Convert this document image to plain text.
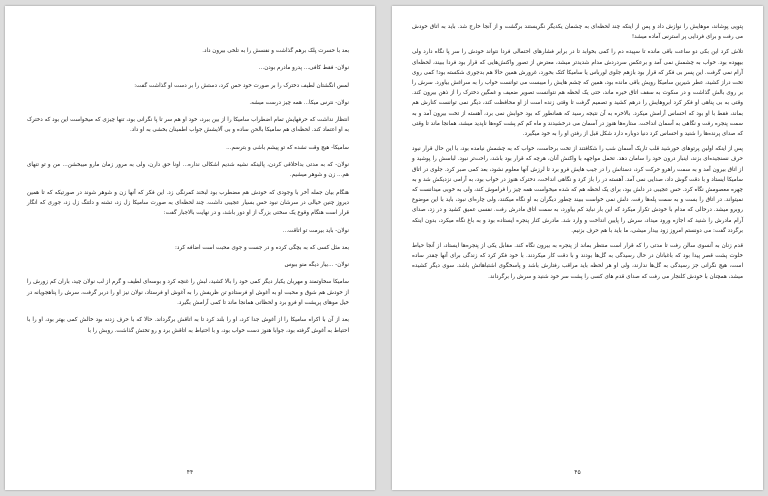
بعد با حسرت پلک برهم گذاشت و نفسش را به تلخی بیرون داد.

نولان- فقط کافی... پدرو مادرم بودن...

لمس انگشتان لطیف دخترک را بر صورت خود حس کرد، دستش را بر دست او گذاشت گفت:

نولان- نترس میکا... همه چیز درست میشه.

انتظار نداشت که حرفهایش تمام اضطراب سامیکا را از بین ببرد، خود او هم سر تا پا نگرانی بود، تنها چیزی که میخواست این بود که دخترک به او اعتماد کند. لحظه‌ای هم سامیکا بالحن ساده و بی آلایشش جواب اطمینان بخشی به او داد.

سامیکا- هیچ وقت نشده که تو پیشم باشی و بترسم...

نولان- که به مدتی بداخلاقی کردن، پالینکه نشیه شدیم اشکالی نداره... اونا حق دارن، ولی به مرور زمان مارو میبخشن... من و تو تنهای هم... زن و شوهر میشیم.

هنگام بیان جمله آخر با وجودی که خودش هم مضطرب بود لبخند کمرنگی زد. این فکر که آنها زن و شوهر شوند در صورتیکه که تا همین دیروز چنین خیالی در سرشان نبود حس بسیار عجیبی داشت. چند لحظه‌ای به صورت سامیکا زل زد، تشنه و دلتنگ زل زد، جوری که انگار قرار است هنگام وقوع یک سختی بزرگ از او دور باشد، و در نهایت بالاجبار گفت:

نولان- باید بیرمت تو اتاقت...

بعد مثل کسی که به بچگی کرده و در جست و جوی محبت است اضافه کرد:

نولان- ...بیار دیگه منو ببوس

سامیکا سخاوتمند و مهربان یکبار دیگر کمی خود را بالا کشید، لبش را غنچه کرد و بوسه‌ای لطیف و گرم از لب نولان چید، باران کم زورش را از خودش هم شوق و محبت او به آغوش او فرستادو تن ظریفش را به آغوش او فرستاد، نولان نیز او را دربر گرفت، سرش را پناهجویانه در خیل موهای پریشت او فرو برد و لحظاتی همانجا ماند تا کمی آرامش بگیرد.

بعد از آن با اکراه سامیکا را از آغوش جدا کرد، او را بلند کرد تا به اتاقش برگرداند. حالا که با حرف زدنه بود خالش کمی بهتر بود، او را با احتیاط به آغوش گرفته بود، جوابا هنوز دست خواب بود، و با احتیاط به اتاقش برد و رو تختش گذاشت. روبش را با

۴۴

پتویی پوشاند، موهایش را نوازش داد و پس از اینکه چند لحظه‌ای به چشمان یکدیگر نگریستند برگشت و از آنجا خارج شد. باید به اتاق خودش می رفت و برای فردایی پر استرس آماده میشد!

تلاش کرد این بکی دو ساعت باقی مانده تا سپیده دم را کمی بخوابد تا در برابر فشارهای احتمالی فردا نتواند خودش را سر پا نگاه دارد ولی بیهوده بود. خواب به چشمش نمی آمد و برعکس سردردش مدام شدیدتر میشد، معترض از تصور واکنش‌هایی که قرار بود فردا ببیند، لحظه‌ای آرام نمی گرفت. این پسر بی فکر که قرار بود بازهم جلوی لورباس یا سامیکا کتک بخورد، غرورش همین حالا هم بدجوری شکسته بود! کمی روی تخت دراز کشید، عطر شیرین سامیکا رویش باقی مانده بود، همین که چشم هایش را میبست می توانست خواب را به سراغش بیاورد. سرش را بر روی بالش گذاشت و در سکوت به سقف اتاق خیره ماند، حتی یک لحظه هم نتوانست تصویر ضعیف و غمگین دخترک را از ذهن بیرون کند. وقتی به بی پناهی او فکر کرد ابروهایش را درهم کشید و تصمیم گرفت تا وقتی زنده است از او محافظت کند، دیگر نمی توانست کنارش هم بماند، فقط با او بود که احساس آرامش میکرد. بالاخره به آن نتیجه رسید که همانطور که بود خوابش نمی برد، آهسته از تخت بیرون آمد و به سمت پنجره رفت و نگاهی به آسمان انداخت. ستاره‌ها هنوز در آسمان می درخشیدند و ماه کم کم پشت کوه‌ها ناپدید میشد، همانجا ماند تا وقتی که صدای پرنده‌ها را شنید و احساس کرد دنیا دوباره دارد شکل قبل از رفتن او را به خود میگیرد.

پس از اینکه اولین پرتوهای خورشید قلب تاریک آسمان شب را شکافتند از تخت برخاست، خواب که به چشمش نیامده بود، با این حال قرار نبود حرف نسنجیده‌ای بزند، اینبار درون خود را سامان دهد. تحمل مواجهه با واکنش آنان، هرچه که قرار بود باشد، راحت‌تر نبود. لباسش را پوشید و از اتاق بیرون آمد و به سمت راهرو حرکت کرد، دستانش را در جیب هایش فرو برد تا لرزش آنها معلوم نشود، بعد کمی صبر کرد. جلوی در اتاق سامیکا ایستاد و با دقت گوش داد، صدایی نمی آمد. آهسته در را باز کرد و نگاهی انداخت، دخترک هنوز در خواب بود، به آرامی نزدیکش شد و به چهره معصومش نگاه کرد. حس عجیبی در دلش بود، برای یک لحظه هم که شده میخواست همه چیز را فراموش کند، ولی به خوبی میدانست که نمیتواند. در اتاق را بست و به سمت پله‌ها رفت. دلش نمی خواست ببیند چطور دیگران به او نگاه میکنند، ولی چاره‌ای نبود، باید با این موضوع روبرو میشد. درحالی که مدام با خودش تکرار میکرد که این بار نباید کم بیاورد، به سمت اتاق مادرش رفت. نفسی عمیق کشید و در زد، صدای آرام مادرش را شنید که اجازه ورود میداد، سرش را پایین انداخت و وارد شد. مادرش کنار پنجره ایستاده بود و به باغ نگاه میکرد، بدون اینکه برگردد گفت: می دونستم امروز زود بیدار میشی، ما باید با هم حرف بزنیم.

قدم زنان به آنسوی سالن رفت تا مدتی را که قرار است منتظر بماند از پنجره به بیرون نگاه کند. مقابل یکی از پنجره‌ها ایستاد، از آنجا حیاط خلوت پشت قصر پیدا بود که باغبانان در حال رسیدگی به گل‌ها بودند و با دقت کار میکردند. با خود فکر کرد که زندگی برای آنها چقدر ساده است، هیچ نگرانی جز رسیدگی به گل‌ها ندارند، ولی او هر لحظه باید مراقب رفتارش باشد و پاسخگوی اشتباهاتش باشد. سوی دیگر کشیده میشد، همچنان با خودش کلنجار می رفت که صدای قدم های کسی را پشت سر خود شنید و سرش را برگرداند.

۴۵
